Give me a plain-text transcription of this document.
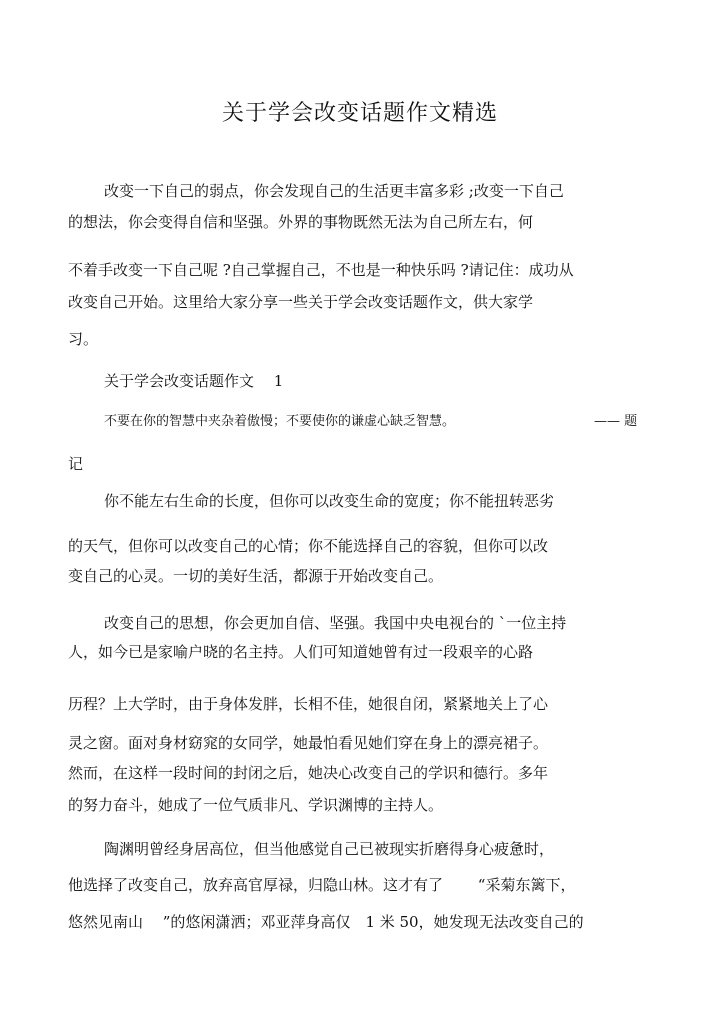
关于学会改变话题作文精选
改变一下自己的弱点，你会发现自己的生活更丰富多彩 ;改变一下自己
的想法，你会变得自信和坚强。外界的事物既然无法为自己所左右，何
不着手改变一下自己呢 ?自己掌握自己，不也是一种快乐吗 ?请记住：成功从
改变自己开始。这里给大家分享一些关于学会改变话题作文，供大家学
习。
关于学会改变话题作文　 1
不要在你的智慧中夹杂着傲慢；不要使你的谦虚心缺乏智慧。	—— 题
记
你不能左右生命的长度，但你可以改变生命的宽度；你不能扭转恶劣
的天气，但你可以改变自己的心情；你不能选择自己的容貌，但你可以改
变自己的心灵。一切的美好生活，都源于开始改变自己。
改变自己的思想，你会更加自信、坚强。我国中央电视台的 `一位主持
人，如今已是家喻户晓的名主持。人们可知道她曾有过一段艰辛的心路
历程？上大学时，由于身体发胖，长相不佳，她很自闭，紧紧地关上了心
灵之窗。面对身材窈窕的女同学，她最怕看见她们穿在身上的漂亮裙子。
然而，在这样一段时间的封闭之后，她决心改变自己的学识和德行。多年
的努力奋斗，她成了一位气质非凡、学识渊博的主持人。
陶渊明曾经身居高位，但当他感觉自己已被现实折磨得身心疲惫时，
他选择了改变自己，放弃高官厚禄，归隐山林。这才有了　　 “采菊东篱下，
悠然见南山　 ”的悠闲潇洒；邓亚萍身高仅　1 米 50，她发现无法改变自己的
